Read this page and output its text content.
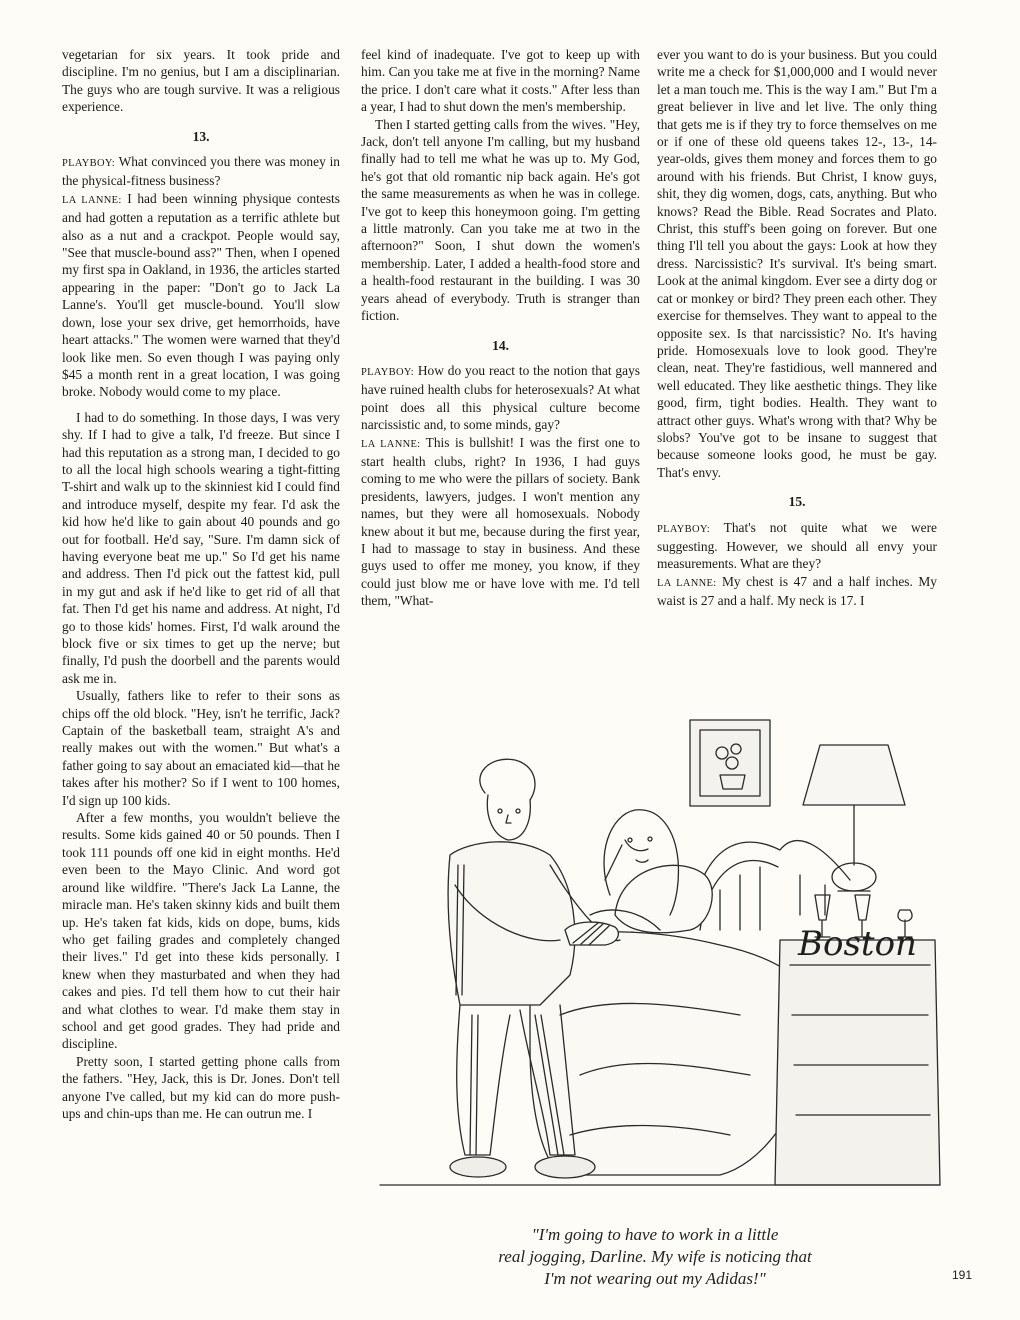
vegetarian for six years. It took pride and discipline. I'm no genius, but I am a disciplinarian. The guys who are tough survive. It was a religious experience.

13.

PLAYBOY: What convinced you there was money in the physical-fitness business?

LA LANNE: I had been winning physique contests and had gotten a reputation as a terrific athlete but also as a nut and a crackpot. People would say, "See that muscle-bound ass?" Then, when I opened my first spa in Oakland, in 1936, the articles started appearing in the paper: "Don't go to Jack La Lanne's. You'll get muscle-bound. You'll slow down, lose your sex drive, get hemorrhoids, have heart attacks." The women were warned that they'd look like men. So even though I was paying only $45 a month rent in a great location, I was going broke. Nobody would come to my place.

I had to do something. In those days, I was very shy. If I had to give a talk, I'd freeze. But since I had this reputation as a strong man, I decided to go to all the local high schools wearing a tight-fitting T-shirt and walk up to the skinniest kid I could find and introduce myself, despite my fear. I'd ask the kid how he'd like to gain about 40 pounds and go out for football. He'd say, "Sure. I'm damn sick of having everyone beat me up." So I'd get his name and address. Then I'd pick out the fattest kid, pull in my gut and ask if he'd like to get rid of all that fat. Then I'd get his name and address. At night, I'd go to those kids' homes. First, I'd walk around the block five or six times to get up the nerve; but finally, I'd push the doorbell and the parents would ask me in.

Usually, fathers like to refer to their sons as chips off the old block. "Hey, isn't he terrific, Jack? Captain of the basketball team, straight A's and really makes out with the women." But what's a father going to say about an emaciated kid—that he takes after his mother? So if I went to 100 homes, I'd sign up 100 kids.

After a few months, you wouldn't believe the results. Some kids gained 40 or 50 pounds. Then I took 111 pounds off one kid in eight months. He'd even been to the Mayo Clinic. And word got around like wildfire. "There's Jack La Lanne, the miracle man. He's taken skinny kids and built them up. He's taken fat kids, kids on dope, bums, kids who get failing grades and completely changed their lives." I'd get into these kids personally. I knew when they masturbated and when they had cakes and pies. I'd tell them how to cut their hair and what clothes to wear. I'd make them stay in school and get good grades. They had pride and discipline.

Pretty soon, I started getting phone calls from the fathers. "Hey, Jack, this is Dr. Jones. Don't tell anyone I've called, but my kid can do more push-ups and chin-ups than me. He can outrun me. I

feel kind of inadequate. I've got to keep up with him. Can you take me at five in the morning? Name the price. I don't care what it costs." After less than a year, I had to shut down the men's membership.

Then I started getting calls from the wives. "Hey, Jack, don't tell anyone I'm calling, but my husband finally had to tell me what he was up to. My God, he's got that old romantic nip back again. He's got the same measurements as when he was in college. I've got to keep this honeymoon going. I'm getting a little matronly. Can you take me at two in the afternoon?" Soon, I shut down the women's membership. Later, I added a health-food store and a health-food restaurant in the building. I was 30 years ahead of everybody. Truth is stranger than fiction.

14.

PLAYBOY: How do you react to the notion that gays have ruined health clubs for heterosexuals? At what point does all this physical culture become narcissistic and, to some minds, gay?

LA LANNE: This is bullshit! I was the first one to start health clubs, right? In 1936, I had guys coming to me who were the pillars of society. Bank presidents, lawyers, judges. I won't mention any names, but they were all homosexuals. Nobody knew about it but me, because during the first year, I had to massage to stay in business. And these guys used to offer me money, you know, if they could just blow me or have love with me. I'd tell them, "What-

ever you want to do is your business. But you could write me a check for $1,000,000 and I would never let a man touch me. This is the way I am." But I'm a great believer in live and let live. The only thing that gets me is if they try to force themselves on me or if one of these old queens takes 12-, 13-, 14-year-olds, gives them money and forces them to go around with his friends. But Christ, I know guys, shit, they dig women, dogs, cats, anything. But who knows? Read the Bible. Read Socrates and Plato. Christ, this stuff's been going on forever. But one thing I'll tell you about the gays: Look at how they dress. Narcissistic? It's survival. It's being smart. Look at the animal kingdom. Ever see a dirty dog or cat or monkey or bird? They preen each other. They exercise for themselves. They want to appeal to the opposite sex. Is that narcissistic? No. It's having pride. Homosexuals love to look good. They're clean, neat. They're fastidious, well mannered and well educated. They like aesthetic things. They like good, firm, tight bodies. Health. They want to attract other guys. What's wrong with that? Why be slobs? You've got to be insane to suggest that because someone looks good, he must be gay. That's envy.

15.

PLAYBOY: That's not quite what we were suggesting. However, we should all envy your measurements. What are they?

LA LANNE: My chest is 47 and a half inches. My waist is 27 and a half. My neck is 17. I

Boston
"I'm going to have to work in a little
real jogging, Darline. My wife is noticing that
I'm not wearing out my Adidas!"	191
